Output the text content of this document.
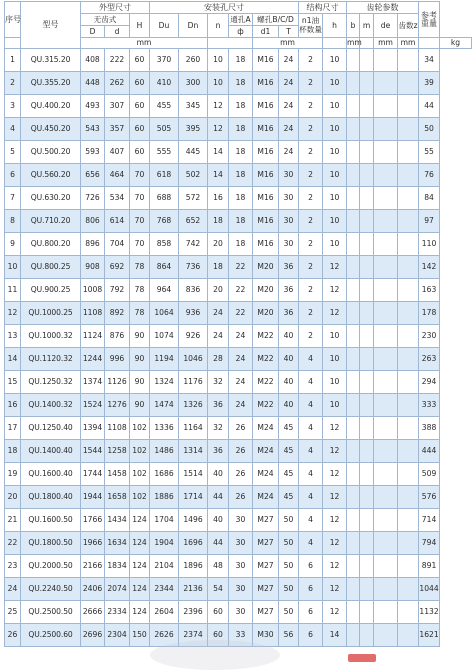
序号	型号	外型尺寸			安装孔尺寸						结构尺寸		齿轮参数				参考重量	
		无齿式		H	Du	Dn	n	通孔A	螺孔B/C/D		n1油杯数量	h	b	m	de	齿数z		
		D	d					ф	d1	T								
		mm							mm				mm		mm	mm		kg
1	QU.315.20	408	222	60	370	260	10	18	M16	24	2	10					34	
2	QU.355.20	448	262	60	410	300	10	18	M16	24	2	10					39	
3	QU.400.20	493	307	60	455	345	12	18	M16	24	2	10					44	
4	QU.450.20	543	357	60	505	395	12	18	M16	24	2	10					50	
5	QU.500.20	593	407	60	555	445	14	18	M16	24	2	10					55	
6	QU.560.20	656	464	70	618	502	14	18	M16	30	2	10					76	
7	QU.630.20	726	534	70	688	572	16	18	M16	30	2	10					84	
8	QU.710.20	806	614	70	768	652	18	18	M16	30	2	10					97	
9	QU.800.20	896	704	70	858	742	20	18	M16	30	2	10					110	
10	QU.800.25	908	692	78	864	736	18	22	M20	36	2	12					142	
11	QU.900.25	1008	792	78	964	836	20	22	M20	36	2	12					163	
12	QU.1000.25	1108	892	78	1064	936	24	22	M20	36	2	12					178	
13	QU.1000.32	1124	876	90	1074	926	24	24	M22	40	2	10					230	
14	QU.1120.32	1244	996	90	1194	1046	28	24	M22	40	4	10					263	
15	QU.1250.32	1374	1126	90	1324	1176	32	24	M22	40	4	10					294	
16	QU.1400.32	1524	1276	90	1474	1326	36	24	M22	40	4	10					333	
17	QU.1250.40	1394	1108	102	1336	1164	32	26	M24	45	4	12					388	
18	QU.1400.40	1544	1258	102	1486	1314	36	26	M24	45	4	12					444	
19	QU.1600.40	1744	1458	102	1686	1514	40	26	M24	45	4	12					509	
20	QU.1800.40	1944	1658	102	1886	1714	44	26	M24	45	4	12					576	
21	QU.1600.50	1766	1434	124	1704	1496	40	30	M27	50	4	12					714	
22	QU.1800.50	1966	1634	124	1904	1696	44	30	M27	50	4	12					794	
23	QU.2000.50	2166	1834	124	2104	1896	48	30	M27	50	6	12					891	
24	QU.2240.50	2406	2074	124	2344	2136	54	30	M27	50	6	12					1044	
25	QU.2500.50	2666	2334	124	2604	2396	60	30	M27	50	6	12					1132	
26	QU.2500.60	2696	2304	150	2626	2374	60	33	M30	56	6	14					1621	
